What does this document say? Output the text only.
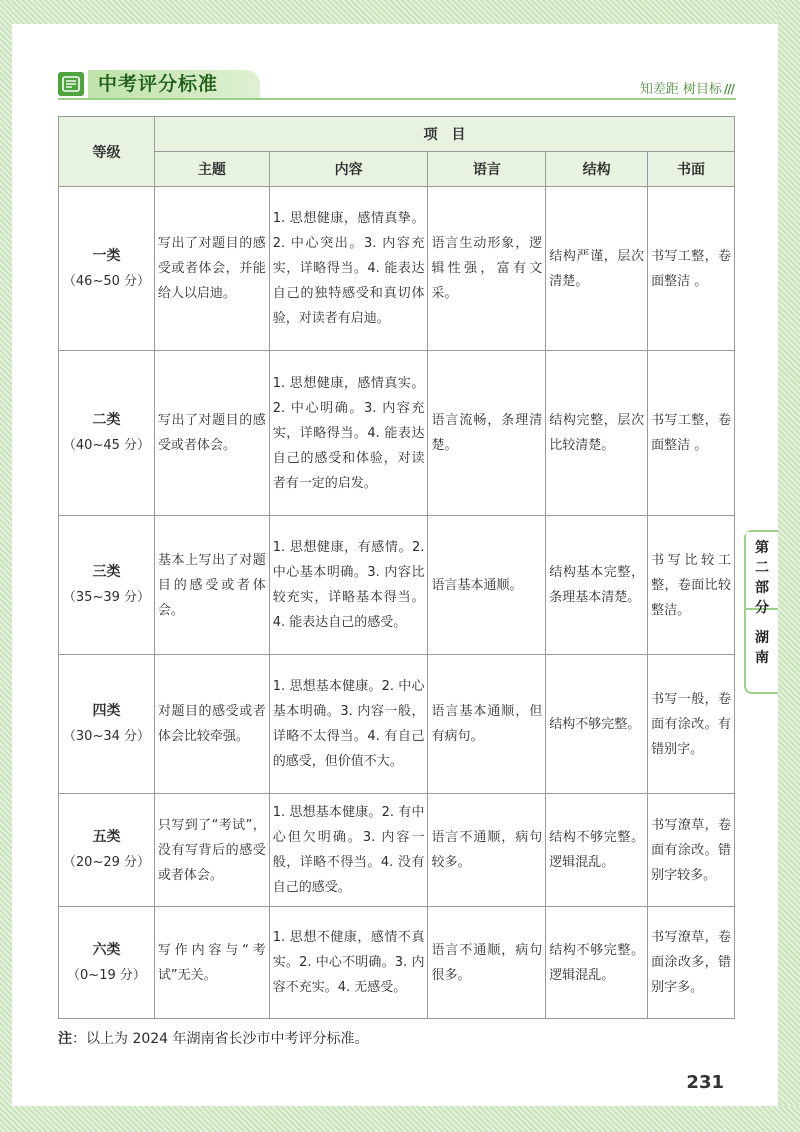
中考评分标准	知差距 树目标 ///
等级	项　目				
	主题	内容	语言	结构	书面

一类
（46~50 分）	写出了对题目的感受或者体会，并能给人以启迪。	1. 思想健康，感情真挚。2. 中心突出。3. 内容充实，详略得当。4. 能表达自己的独特感受和真切体验，对读者有启迪。	语言生动形象，逻辑性强，富有文采。	结构严谨，层次清楚。	书写工整，卷面整洁 。

二类
（40~45 分）	写出了对题目的感受或者体会。	1. 思想健康，感情真实。2. 中心明确。3. 内容充实，详略得当。4. 能表达自己的感受和体验，对读者有一定的启发。	语言流畅，条理清楚。	结构完整，层次比较清楚。	书写工整，卷面整洁 。

三类
（35~39 分）	基本上写出了对题目的感受或者体会。	1. 思想健康，有感情。2. 中心基本明确。3. 内容比较充实，详略基本得当。4. 能表达自己的感受。	语言基本通顺。	结构基本完整，条理基本清楚。	书写比较工整，卷面比较整洁。

四类
（30~34 分）	对题目的感受或者体会比较牵强。	1. 思想基本健康。2. 中心基本明确。3. 内容一般，详略不太得当。4. 有自己的感受，但价值不大。	语言基本通顺，但有病句。	结构不够完整。	书写一般，卷面有涂改。有错别字。

五类
（20~29 分）	只写到了“考试”，没有写背后的感受或者体会。	1. 思想基本健康。2. 有中心但欠明确。3. 内容一般，详略不得当。4. 没有自己的感受。	语言不通顺，病句较多。	结构不够完整。逻辑混乱。	书写潦草，卷面有涂改。错别字较多。

六类
（0~19 分）	写作内容与“考试”无关。	1. 思想不健康，感情不真实。2. 中心不明确。3. 内容不充实。4. 无感受。	语言不通顺，病句很多。	结构不够完整。逻辑混乱。	书写潦草，卷面涂改多，错别字多。
第
二
部
分
湖
南
注：以上为 2024 年湖南省长沙市中考评分标准。
231
